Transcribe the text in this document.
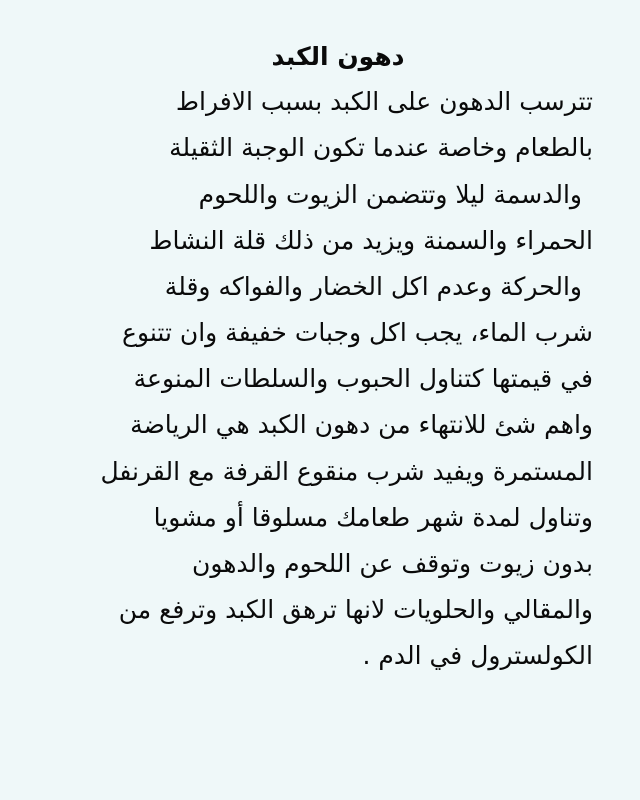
دهون الكبد
تترسب الدهون على الكبد بسبب الافراط
بالطعام وخاصة عندما تكون الوجبة الثقيلة
والدسمة ليلا وتتضمن الزيوت واللحوم
الحمراء والسمنة ويزيد من ذلك قلة النشاط
والحركة وعدم اكل الخضار والفواكه وقلة
شرب الماء، يجب اكل وجبات خفيفة وان تتنوع
في قيمتها كتناول الحبوب والسلطات المنوعة
واهم شئ للانتهاء من دهون الكبد هي الرياضة
المستمرة ويفيد شرب منقوع القرفة مع القرنفل
وتناول لمدة شهر طعامك مسلوقا أو مشويا
بدون زيوت وتوقف عن اللحوم والدهون
والمقالي والحلويات لانها ترهق الكبد وترفع من
الكولسترول في الدم .
